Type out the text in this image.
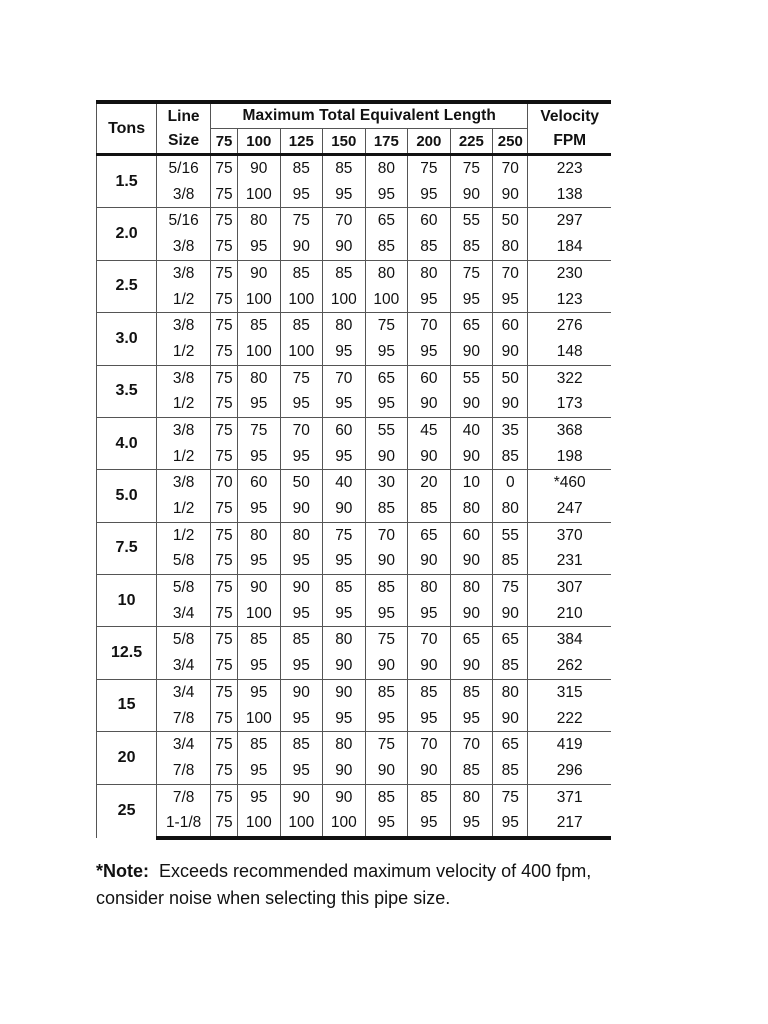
Tons	Line	Maximum Total Equivalent Length								Velocity
	Size	75	100	125	150	175	200	225	250	FPM
1.5	5/16	75	90	85	85	80	75	75	70	223
	3/8	75	100	95	95	95	95	90	90	138
2.0	5/16	75	80	75	70	65	60	55	50	297
	3/8	75	95	90	90	85	85	85	80	184
2.5	3/8	75	90	85	85	80	80	75	70	230
	1/2	75	100	100	100	100	95	95	95	123
3.0	3/8	75	85	85	80	75	70	65	60	276
	1/2	75	100	100	95	95	95	90	90	148
3.5	3/8	75	80	75	70	65	60	55	50	322
	1/2	75	95	95	95	95	90	90	90	173
4.0	3/8	75	75	70	60	55	45	40	35	368
	1/2	75	95	95	95	90	90	90	85	198
5.0	3/8	70	60	50	40	30	20	10	0	*460
	1/2	75	95	90	90	85	85	80	80	247
7.5	1/2	75	80	80	75	70	65	60	55	370
	5/8	75	95	95	95	90	90	90	85	231
10	5/8	75	90	90	85	85	80	80	75	307
	3/4	75	100	95	95	95	95	90	90	210
12.5	5/8	75	85	85	80	75	70	65	65	384
	3/4	75	95	95	90	90	90	90	85	262
15	3/4	75	95	90	90	85	85	85	80	315
	7/8	75	100	95	95	95	95	95	90	222
20	3/4	75	85	85	80	75	70	70	65	419
	7/8	75	95	95	90	90	90	85	85	296
25	7/8	75	95	90	90	85	85	80	75	371
	1-1/8	75	100	100	100	95	95	95	95	217
*Note: Exceeds recommended maximum velocity of 400 fpm,
consider noise when selecting this pipe size.
